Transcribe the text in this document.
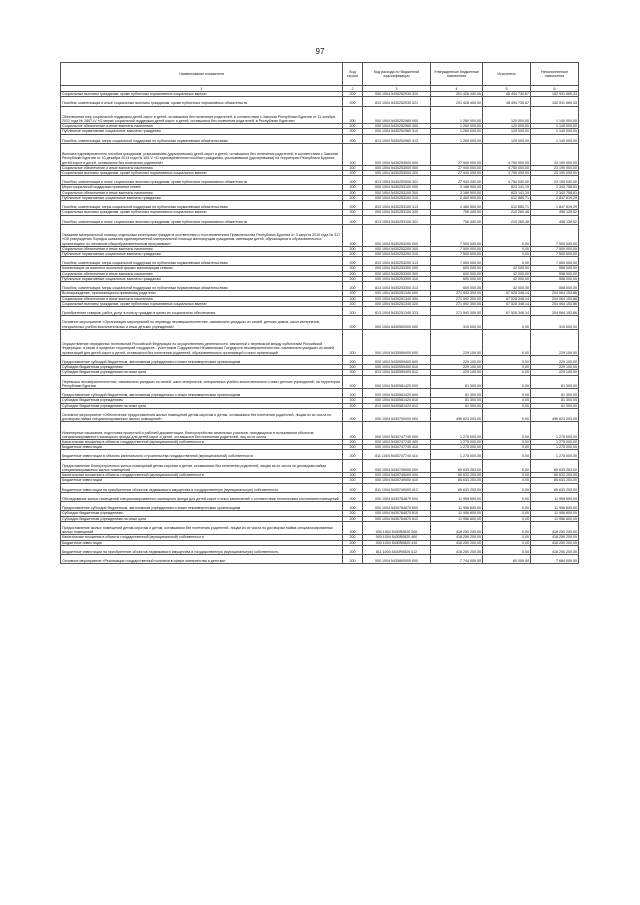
97
Наименование показателя	Код строки	Код расхода по бюджетной классификации	Утвержденные бюджетные назначения	Исполнено	Неисполненные назначения
1	2	3	4	5	6
Социальные выплаты гражданам, кроме публичных нормативных социальных выплат	200	000 1004 5430252930 320	201 426 400,00	48 494 730,67	152 931 669,33
Пособия, компенсации и иные социальные выплаты гражданам, кроме публичных нормативных обязательств	200	813 1004 5430252930 321	201 426 400,00	48 494 730,67	152 931 669,33
Обеспечение мер социальной поддержки детей-сирот и детей, оставшихся без попечения родителей, в соответствии с Законом Республики Бурятия от 11 октября 2012 года № 2897-IV «О мерах социальной поддержки детей-сирот и детей, оставшихся без попечения родителей, в Республике Бурятия»	200	000 1004 5430252960 000	1 260 000,00	120 000,00	1 140 000,00
Социальное обеспечение и иные выплаты населению	200	000 1004 5430252960 300	1 260 000,00	120 000,00	1 140 000,00
Публичные нормативные социальные выплаты гражданам	200	000 1004 5430252960 310	1 260 000,00	120 000,00	1 140 000,00
Пособия, компенсации, меры социальной поддержки по публичным нормативным обязательствам	200	813 1004 5430252960 313	1 260 000,00	120 000,00	1 140 000,00
Выплата единовременного пособия гражданам, усыновившим (удочерившим) детей-сирот и детей, оставшихся без попечения родителей, в соответствии с Законом Республики Бурятия от 10 декабря 2013 года № 165-V «О единовременном пособии гражданам, усыновившим (удочерившим) на территории Республики Бурятия детей-сирот и детей, оставшихся без попечения родителей»	200	000 1004 5430253000 000	27 940 000,00	4 750 000,00	23 190 000,00
Социальное обеспечение и иные выплаты населению	200	000 1004 5430253000 300	27 940 000,00	4 750 000,00	23 190 000,00
Социальные выплаты гражданам, кроме публичных нормативных социальных выплат	200	000 1004 5430253000 320	27 940 000,00	4 750 000,00	23 190 000,00
Пособия, компенсации и иные социальные выплаты гражданам, кроме публичных нормативных обязательств	200	813 1004 5430253000 321	27 940 000,00	4 750 000,00	23 190 000,00
Меры социальной поддержки приемных семей	200	000 1004 5430253100 000	3 166 900,00	823 141,19	2 343 758,81
Социальное обеспечение и иные выплаты населению	200	000 1004 5430253100 300	3 166 900,00	823 141,19	2 343 758,81
Публичные нормативные социальные выплаты гражданам	200	000 1004 5430253100 310	2 460 500,00	612 880,71	1 847 619,29
Пособия, компенсации, меры социальной поддержки по публичным нормативным обязательствам	200	813 1004 5430253100 313	2 460 500,00	612 880,71	1 847 619,29
Социальные выплаты гражданам, кроме публичных нормативных социальных выплат	200	000 1004 5430253100 320	706 400,00	210 260,48	496 139,52
Пособия, компенсации и иные социальные выплаты гражданам, кроме публичных нормативных обязательств	200	813 1004 5430253100 321	706 400,00	210 260,48	496 139,52
Оказание материальной помощи отдельным категориям граждан в соответствии с постановлением Правительства Республики Бурятия от 3 августа 2010 года № 317 «Об утверждении Порядка оказания единовременной материальной помощи малоимущим гражданам, имеющим детей, обучающихся в образовательных организациях по основным общеобразовательным программам»	200	000 1004 5430253200 000	7 500 000,00	0,00	7 500 000,00
Социальное обеспечение и иные выплаты населению	200	000 1004 5430253200 300	7 500 000,00	0,00	7 500 000,00
Публичные нормативные социальные выплаты гражданам	200	000 1004 5430253200 310	7 500 000,00	0,00	7 500 000,00
Пособия, компенсации, меры социальной поддержки по публичным нормативным обязательствам	200	813 1004 5430253200 313	7 500 000,00	0,00	7 500 000,00
Компенсация за комплект школьной формы малоимущим семьям	200	000 1004 5430253300 000	600 000,00	42 000,00	558 000,00
Социальное обеспечение и иные выплаты населению	200	000 1004 5430253300 300	600 000,00	42 000,00	558 000,00
Публичные нормативные социальные выплаты гражданам	200	000 1004 5430253300 310	600 000,00	42 000,00	558 000,00
Пособия, компенсации, меры социальной поддержки по публичным нормативным обязательствам	200	813 1004 5430253300 313	600 000,00	42 000,00	558 000,00
Вознаграждение, причитающееся приемному родителю	200	000 1004 5430251340 000	271 592 300,00	67 528 346,14	204 064 153,86
Социальное обеспечение и иные выплаты населению	200	000 1004 5430251340 300	271 592 300,00	67 528 346,14	204 064 153,86
Социальные выплаты гражданам, кроме публичных нормативных социальных выплат	200	000 1004 5430251340 320	271 592 300,00	67 528 346,14	204 064 153,86
Приобретение товаров, работ, услуг в пользу граждан в целях их социального обеспечения	200	813 1004 5430251340 323	271 592 300,00	67 528 346,14	204 064 153,86
Основное мероприятие «Организация мероприятий по переводу несовершеннолетних, самовольно ушедших из семей, детских домов, школ-интернатов, специальных учебно-воспитательных и иных детских учреждений»	200	000 1004 5430500000 000	310 000,00	0,00	310 000,00
Осуществление переданных полномочий Российской Федерации по осуществлению деятельности, связанной с перевозкой между субъектами Российской Федерации, а также в пределах территорий государств - участников Содружества Независимых Государств несовершеннолетних, самовольно ушедших из семей, организаций для детей-сирот и детей, оставшихся без попечения родителей, образовательных организаций и иных организаций	200	000 1004 5430559400 000	229 100,00	0,00	229 100,00
Предоставление субсидий бюджетным, автономным учреждениям и иным некоммерческим организациям	200	000 1004 5430559400 600	229 100,00	0,00	229 100,00
Субсидии бюджетным учреждениям	200	000 1004 5430559400 610	229 100,00	0,00	229 100,00
Субсидии бюджетным учреждениям на иные цели	200	813 1004 5430559400 612	229 100,00	0,00	229 100,00
Перевозка несовершеннолетних, самовольно ушедших из семей, школ-интернатов, специальных учебно-воспитательных и иных детских учреждений, на территории Республики Бурятия	200	000 1004 5430581420 000	81 300,00	0,00	81 300,00
Предоставление субсидий бюджетным, автономным учреждениям и иным некоммерческим организациям	200	000 1004 5430581420 600	81 300,00	0,00	81 300,00
Субсидии бюджетным учреждениям	200	000 1004 5430581420 610	81 300,00	0,00	81 300,00
Субсидии бюджетным учреждениям на иные цели	200	813 1004 5430581420 612	81 300,00	0,00	81 300,00
Основное мероприятие «Обеспечение предоставления жилых помещений детям-сиротам и детям, оставшимся без попечения родителей, лицам из их числа по договорам найма специализированных жилых помещений»	200	000 1004 5430700000 000	496 623 053,00	0,00	496 623 053,00
Инженерные изыскания, подготовка проектной и рабочей документации, благоустройство земельных участков, находящихся в пользовании объектов специализированного жилищного фонда для детей-сирот и детей, оставшихся без попечения родителей, лиц из их числа	200	000 1004 5430747740 000	1 275 000,00	0,00	1 275 000,00
Капитальные вложения в объекты государственной (муниципальной) собственности	200	000 1004 5430747740 400	1 275 000,00	0,00	1 275 000,00
Бюджетные инвестиции	200	000 1004 5430747740 410	1 275 000,00	0,00	1 275 000,00
Бюджетные инвестиции в объекты капитального строительства государственной (муниципальной) собственности	200	811 1004 5430747740 414	1 275 000,00	0,00	1 275 000,00
Предоставление благоустроенных жилых помещений детям-сиротам и детям, оставшимся без попечения родителей, лицам из их числа по договорам найма специализированных жилых помещений	200	000 1004 5430749000 000	65 633 253,00	0,00	65 633 253,00
Капитальные вложения в объекты государственной (муниципальной) собственности	200	000 1004 5430749000 400	65 633 253,00	0,00	65 633 253,00
Бюджетные инвестиции	200	000 1004 5430749000 410	65 633 253,00	0,00	65 633 253,00
Бюджетные инвестиции на приобретение объектов недвижимого имущества в государственную (муниципальную) собственность	200	811 1004 5430749000 412	65 633 253,00	0,00	65 633 253,00
Обследование жилых помещений специализированного жилищного фонда для детей-сирот и иных заключений о соответствии техническим состоянием помещений	200	000 1004 5430784870 000	11 956 600,00	0,00	11 956 600,00
Предоставление субсидий бюджетным, автономным учреждениям и иным некоммерческим организациям	200	000 1004 5430784870 600	11 956 600,00	0,00	11 956 600,00
Субсидии бюджетным учреждениям	200	000 1004 5430784870 610	11 956 600,00	0,00	11 956 600,00
Субсидии бюджетным учреждениям на иные цели	200	000 1004 5430784870 612	11 956 600,00	0,00	11 956 600,00
Предоставление жилых помещений детям-сиротам и детям, оставшимся без попечения родителей, лицам из их числа по договорам найма специализированных жилых помещений	200	000 1004 5430R0820 000	418 250 200,00	0,00	418 250 200,00
Капитальные вложения в объекты государственной (муниципальной) собственности	200	000 1004 5430R0820 400	418 250 200,00	0,00	418 250 200,00
Бюджетные инвестиции	200	000 1004 5430R0820 410	418 250 200,00	0,00	418 250 200,00
Бюджетные инвестиции на приобретение объектов недвижимого имущества в государственную (муниципальную) собственность	200	811 1004 5430R0820 412	418 250 200,00	0,00	418 250 200,00
Основное мероприятие «Реализация государственной политики в сфере материнства и детства»	200	000 1004 5430800000 000	7 744 000,00	60 000,00	7 684 000,00
